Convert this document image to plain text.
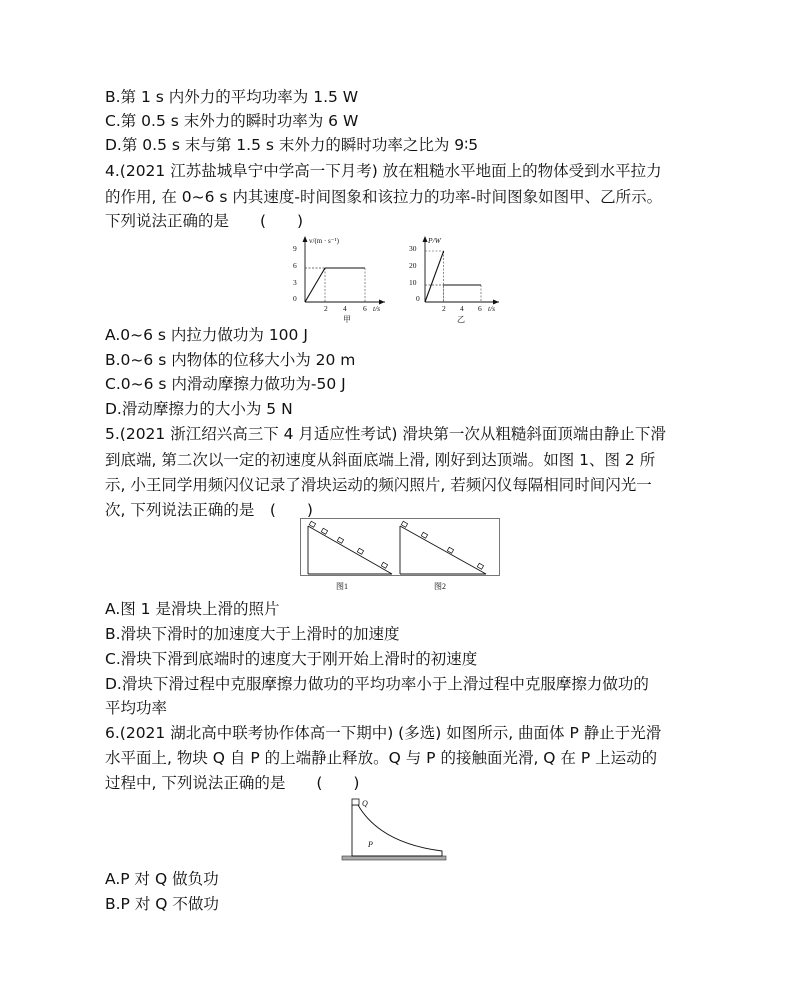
B.第 1 s 内外力的平均功率为 1.5 W
C.第 0.5 s 末外力的瞬时功率为 6 W
D.第 0.5 s 末与第 1.5 s 末外力的瞬时功率之比为 9∶5
4.(2021 江苏盐城阜宁中学高一下月考) 放在粗糙水平地面上的物体受到水平拉力
的作用, 在 0~6 s 内其速度-时间图象和该拉力的功率-时间图象如图甲、乙所示。
下列说法正确的是　　(　　)
v/(m · s⁻¹)
9
6
3
0
2 4 6 t/s
甲
P/W
30
20
10
0
2 4 6 t/s
乙
A.0~6 s 内拉力做功为 100 J
B.0~6 s 内物体的位移大小为 20 m
C.0~6 s 内滑动摩擦力做功为-50 J
D.滑动摩擦力的大小为 5 N
5.(2021 浙江绍兴高三下 4 月适应性考试) 滑块第一次从粗糙斜面顶端由静止下滑
到底端, 第二次以一定的初速度从斜面底端上滑, 刚好到达顶端。如图 1、图 2 所
示, 小王同学用频闪仪记录了滑块运动的频闪照片, 若频闪仪每隔相同时间闪光一
次, 下列说法正确的是　(　　)
图1	图2
A.图 1 是滑块上滑的照片
B.滑块下滑时的加速度大于上滑时的加速度
C.滑块下滑到底端时的速度大于刚开始上滑时的初速度
D.滑块下滑过程中克服摩擦力做功的平均功率小于上滑过程中克服摩擦力做功的
平均功率
6.(2021 湖北高中联考协作体高一下期中) (多选) 如图所示, 曲面体 P 静止于光滑
水平面上, 物块 Q 自 P 的上端静止释放。Q 与 P 的接触面光滑, Q 在 P 上运动的
过程中, 下列说法正确的是　　(　　)
Q
P
A.P 对 Q 做负功
B.P 对 Q 不做功
